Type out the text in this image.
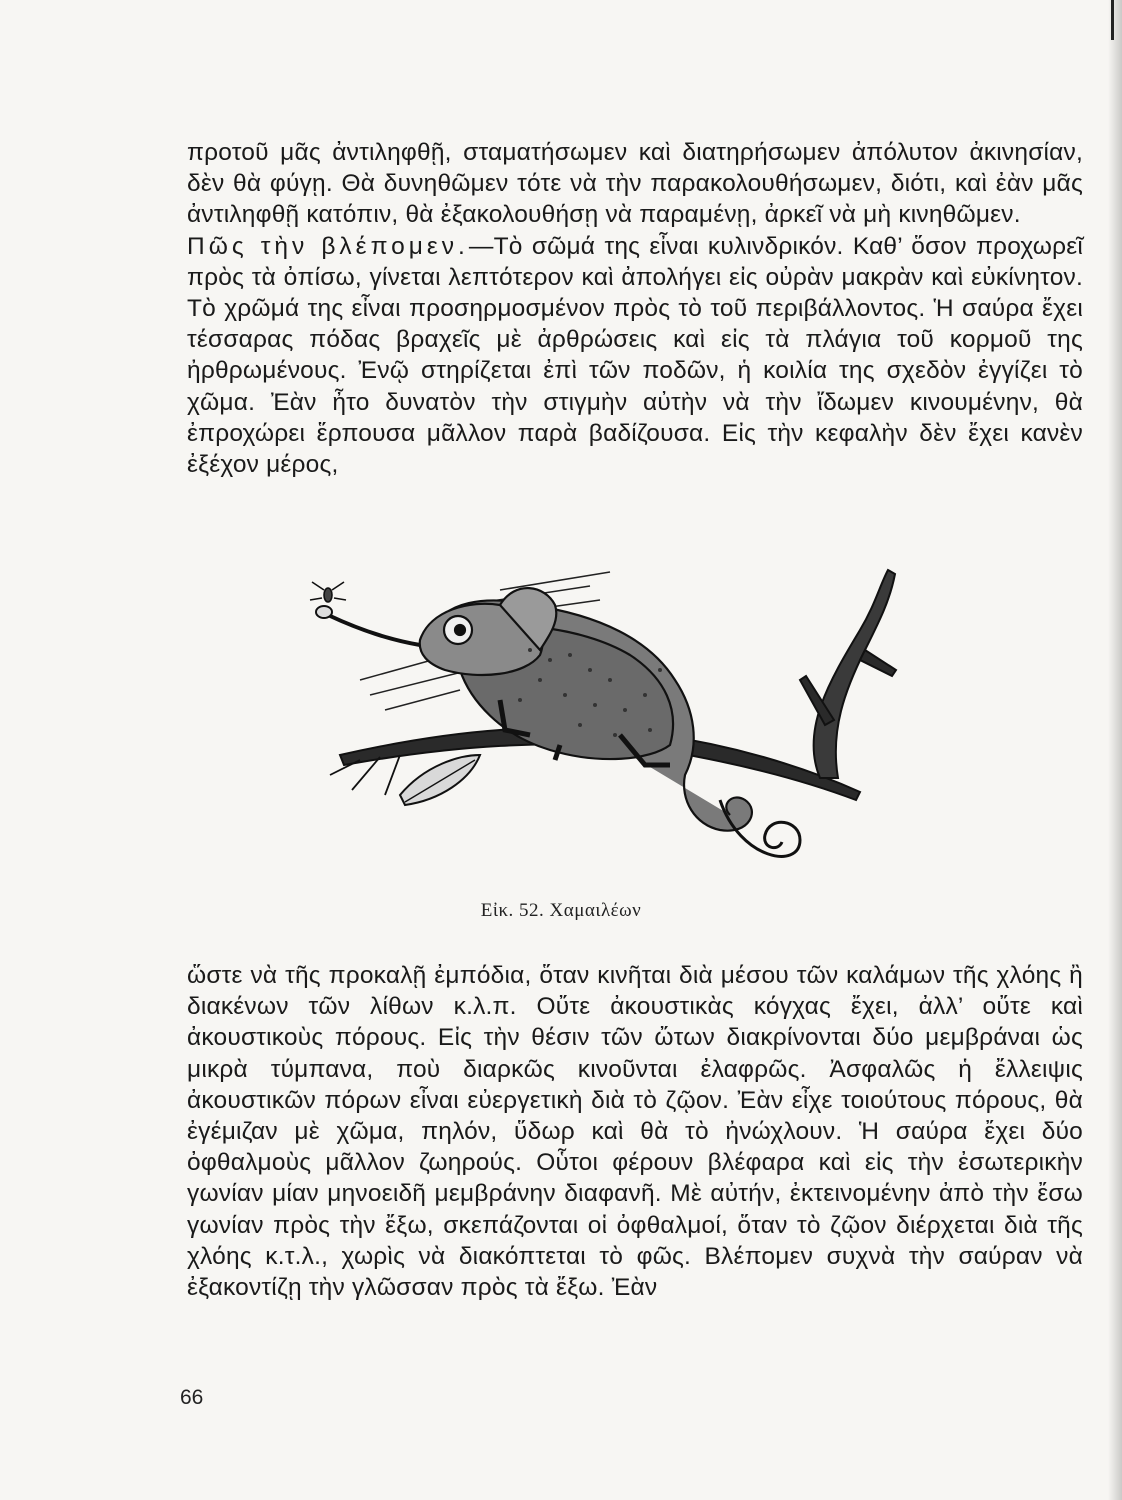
προτοῦ μᾶς ἀντιληφθῇ, σταματήσωμεν καὶ διατηρήσωμεν ἀπόλυτον ἀκινησίαν, δὲν θὰ φύγῃ. Θὰ δυνηθῶμεν τότε νὰ τὴν παρακολουθήσωμεν, διότι, καὶ ἐὰν μᾶς ἀντιληφθῇ κατόπιν, θὰ ἐξακολουθήσῃ νὰ παραμένῃ, ἀρκεῖ νὰ μὴ κινηθῶμεν.

Πῶς τὴν βλέπομεν.—Τὸ σῶμά της εἶναι κυλινδρικόν. Καθ’ ὅσον προχωρεῖ πρὸς τὰ ὀπίσω, γίνεται λεπτότερον καὶ ἀπολήγει εἰς οὐρὰν μακρὰν καὶ εὐκίνητον. Τὸ χρῶμά της εἶναι προσηρμοσμένον πρὸς τὸ τοῦ περιβάλλοντος. Ἡ σαύρα ἔχει τέσσαρας πόδας βραχεῖς μὲ ἀρθρώσεις καὶ εἰς τὰ πλάγια τοῦ κορμοῦ της ἠρθρωμένους. Ἐνῷ στηρίζεται ἐπὶ τῶν ποδῶν, ἡ κοιλία της σχεδὸν ἐγγίζει τὸ χῶμα. Ἐὰν ἦτο δυνατὸν τὴν στιγμὴν αὐτὴν νὰ τὴν ἴδωμεν κινουμένην, θὰ ἐπροχώρει ἕρπουσα μᾶλλον παρὰ βαδίζουσα. Εἰς τὴν κεφαλὴν δὲν ἔχει κανὲν ἐξέχον μέρος,

Εἰκ. 52. Χαμαιλέων

ὥστε νὰ τῆς προκαλῇ ἐμπόδια, ὅταν κινῆται διὰ μέσου τῶν καλάμων τῆς χλόης ἢ διακένων τῶν λίθων κ.λ.π. Οὔτε ἀκουστικὰς κόγχας ἔχει, ἀλλ’ οὔτε καὶ ἀκουστικοὺς πόρους. Εἰς τὴν θέσιν τῶν ὤτων διακρίνονται δύο μεμβράναι ὡς μικρὰ τύμπανα, ποὺ διαρκῶς κινοῦνται ἐλαφρῶς. Ἀσφαλῶς ἡ ἔλλειψις ἀκουστικῶν πόρων εἶναι εὐεργετικὴ διὰ τὸ ζῷον. Ἐὰν εἶχε τοιούτους πόρους, θὰ ἐγέμιζαν μὲ χῶμα, πηλόν, ὕδωρ καὶ θὰ τὸ ἠνώχλουν. Ἡ σαύρα ἔχει δύο ὀφθαλμοὺς μᾶλλον ζωηρούς. Οὗτοι φέρουν βλέφαρα καὶ εἰς τὴν ἐσωτερικὴν γωνίαν μίαν μηνοειδῆ μεμβράνην διαφανῆ. Μὲ αὐτήν, ἐκτεινομένην ἀπὸ τὴν ἔσω γωνίαν πρὸς τὴν ἔξω, σκεπάζονται οἱ ὀφθαλμοί, ὅταν τὸ ζῷον διέρχεται διὰ τῆς χλόης κ.τ.λ., χωρὶς νὰ διακόπτεται τὸ φῶς. Βλέπομεν συχνὰ τὴν σαύραν νὰ ἐξακοντίζῃ τὴν γλῶσσαν πρὸς τὰ ἔξω. Ἐὰν

66
